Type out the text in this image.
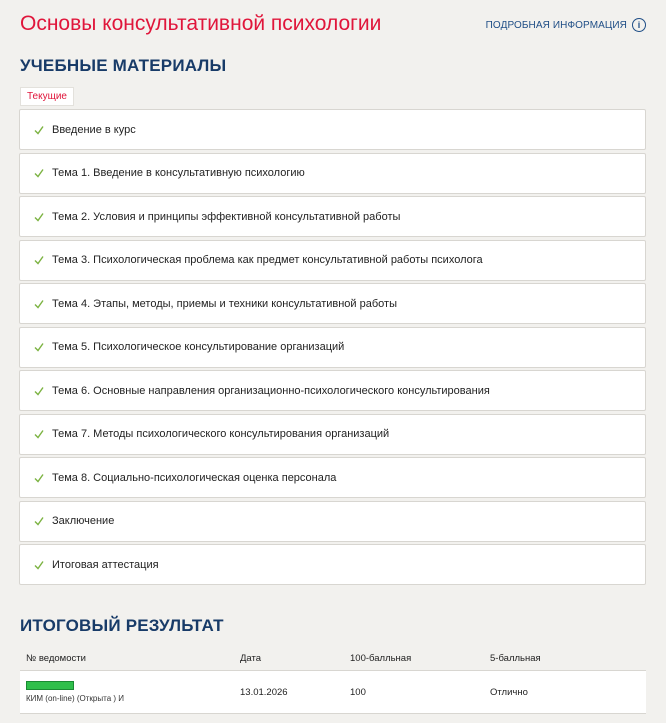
Основы консультативной психологии	ПОДРОБНАЯ ИНФОРМАЦИЯ	i
УЧЕБНЫЕ МАТЕРИАЛЫ
Текущие
Введение в курс
Тема 1. Введение в консультативную психологию
Тема 2. Условия и принципы эффективной консультативной работы
Тема 3. Психологическая проблема как предмет консультативной работы психолога
Тема 4. Этапы, методы, приемы и техники консультативной работы
Тема 5. Психологическое консультирование организаций
Тема 6. Основные направления организационно-психологического консультирования
Тема 7. Методы психологического консультирования организаций
Тема 8. Социально-психологическая оценка персонала
Заключение
Итоговая аттестация
ИТОГОВЫЙ РЕЗУЛЬТАТ
№ ведомости	Дата	100-балльная	5-балльная

КИМ (on-line) (Открыта ) И	13.01.2026	100	Отлично
